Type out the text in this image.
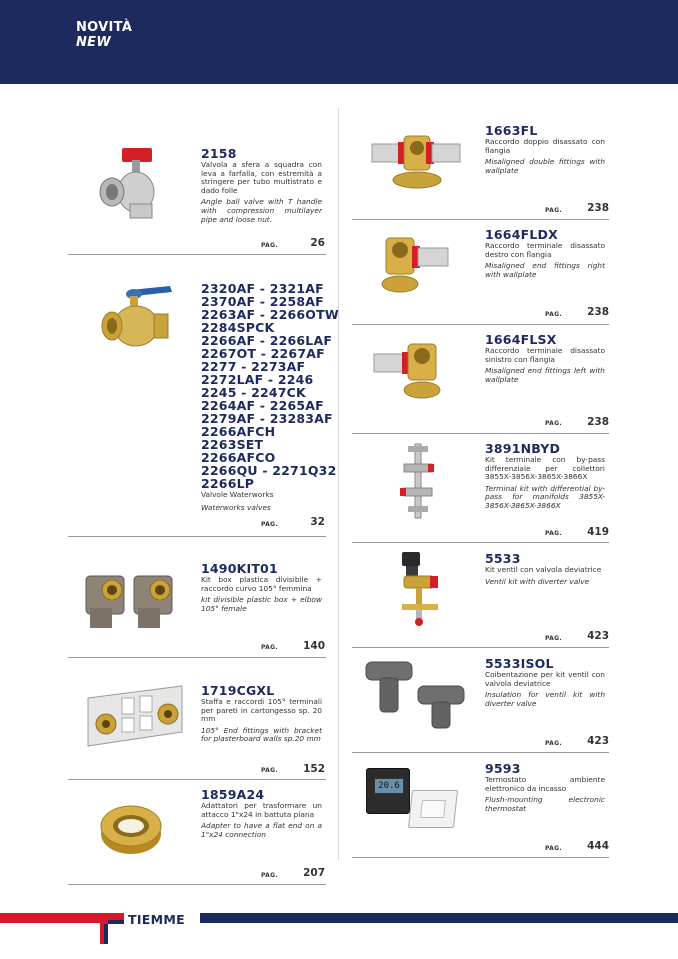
NOVITÀ
NEW
2158
Valvola a sfera a squadra con leva a farfalla, con estremità a stringere per tubo multistrato e dado folle
Angle ball valve with T handle with compression multilayer pipe and loose nut.
PAG.	26
2320AF - 2321AF
2370AF - 2258AF
2263AF - 2266OTW
2284SPCK
2266AF - 2266LAF
2267OT - 2267AF
2277 - 2273AF
2272LAF - 2246
2245 - 2247CK
2264AF - 2265AF
2279AF - 23283AF
2266AFCH
2263SET
2266AFCO
2266QU - 2271Q32
2266LP
Valvole Waterworks
Waterworks valves
PAG.	32
1490KIT01
Kit box plastica divisibile + raccordo curvo 105° femmina
kit divisible plastic box + elbow 105° female
PAG.	140
1719CGXL
Staffa e raccordi 105° terminali per pareti in cartongesso sp. 20 mm
105° End fittings with bracket for plasterboard walls sp.20 mm
PAG.	152
1859A24
Adattatori per trasformare un attacco 1"x24 in battuta piana
Adapter to have a flat end on a 1"x24 connection
PAG.	207
1663FL
Raccordo doppio disassato con flangia
Misaligned double fittings with wallplate
PAG.	238
1664FLDX
Raccordo terminale disassato destro con flangia
Misaligned end fittings right with wallplate
PAG.	238
1664FLSX
Raccordo terminale disassato sinistro con flangia
Misaligned end fittings left with wallplate
PAG.	238
3891NBYD
Kit terminale con by-pass differenziale per collettori 3855X-3856X-3865X-3866X
Terminal kit with differential by-pass for manifolds 3855X-3856X-3865X-3866X
PAG.	419
5533
Kit ventil con valvola deviatrice
Ventil kit with diverter valve
PAG.	423
5533ISOL
Coibentazione per kit ventil con valvola deviatrice
Insulation for ventil kit with diverter valve
PAG.	423
20.6
9593
Termostato ambiente elettronico da incasso
Flush-mounting electronic thermostat
PAG.	444
TIEMME
